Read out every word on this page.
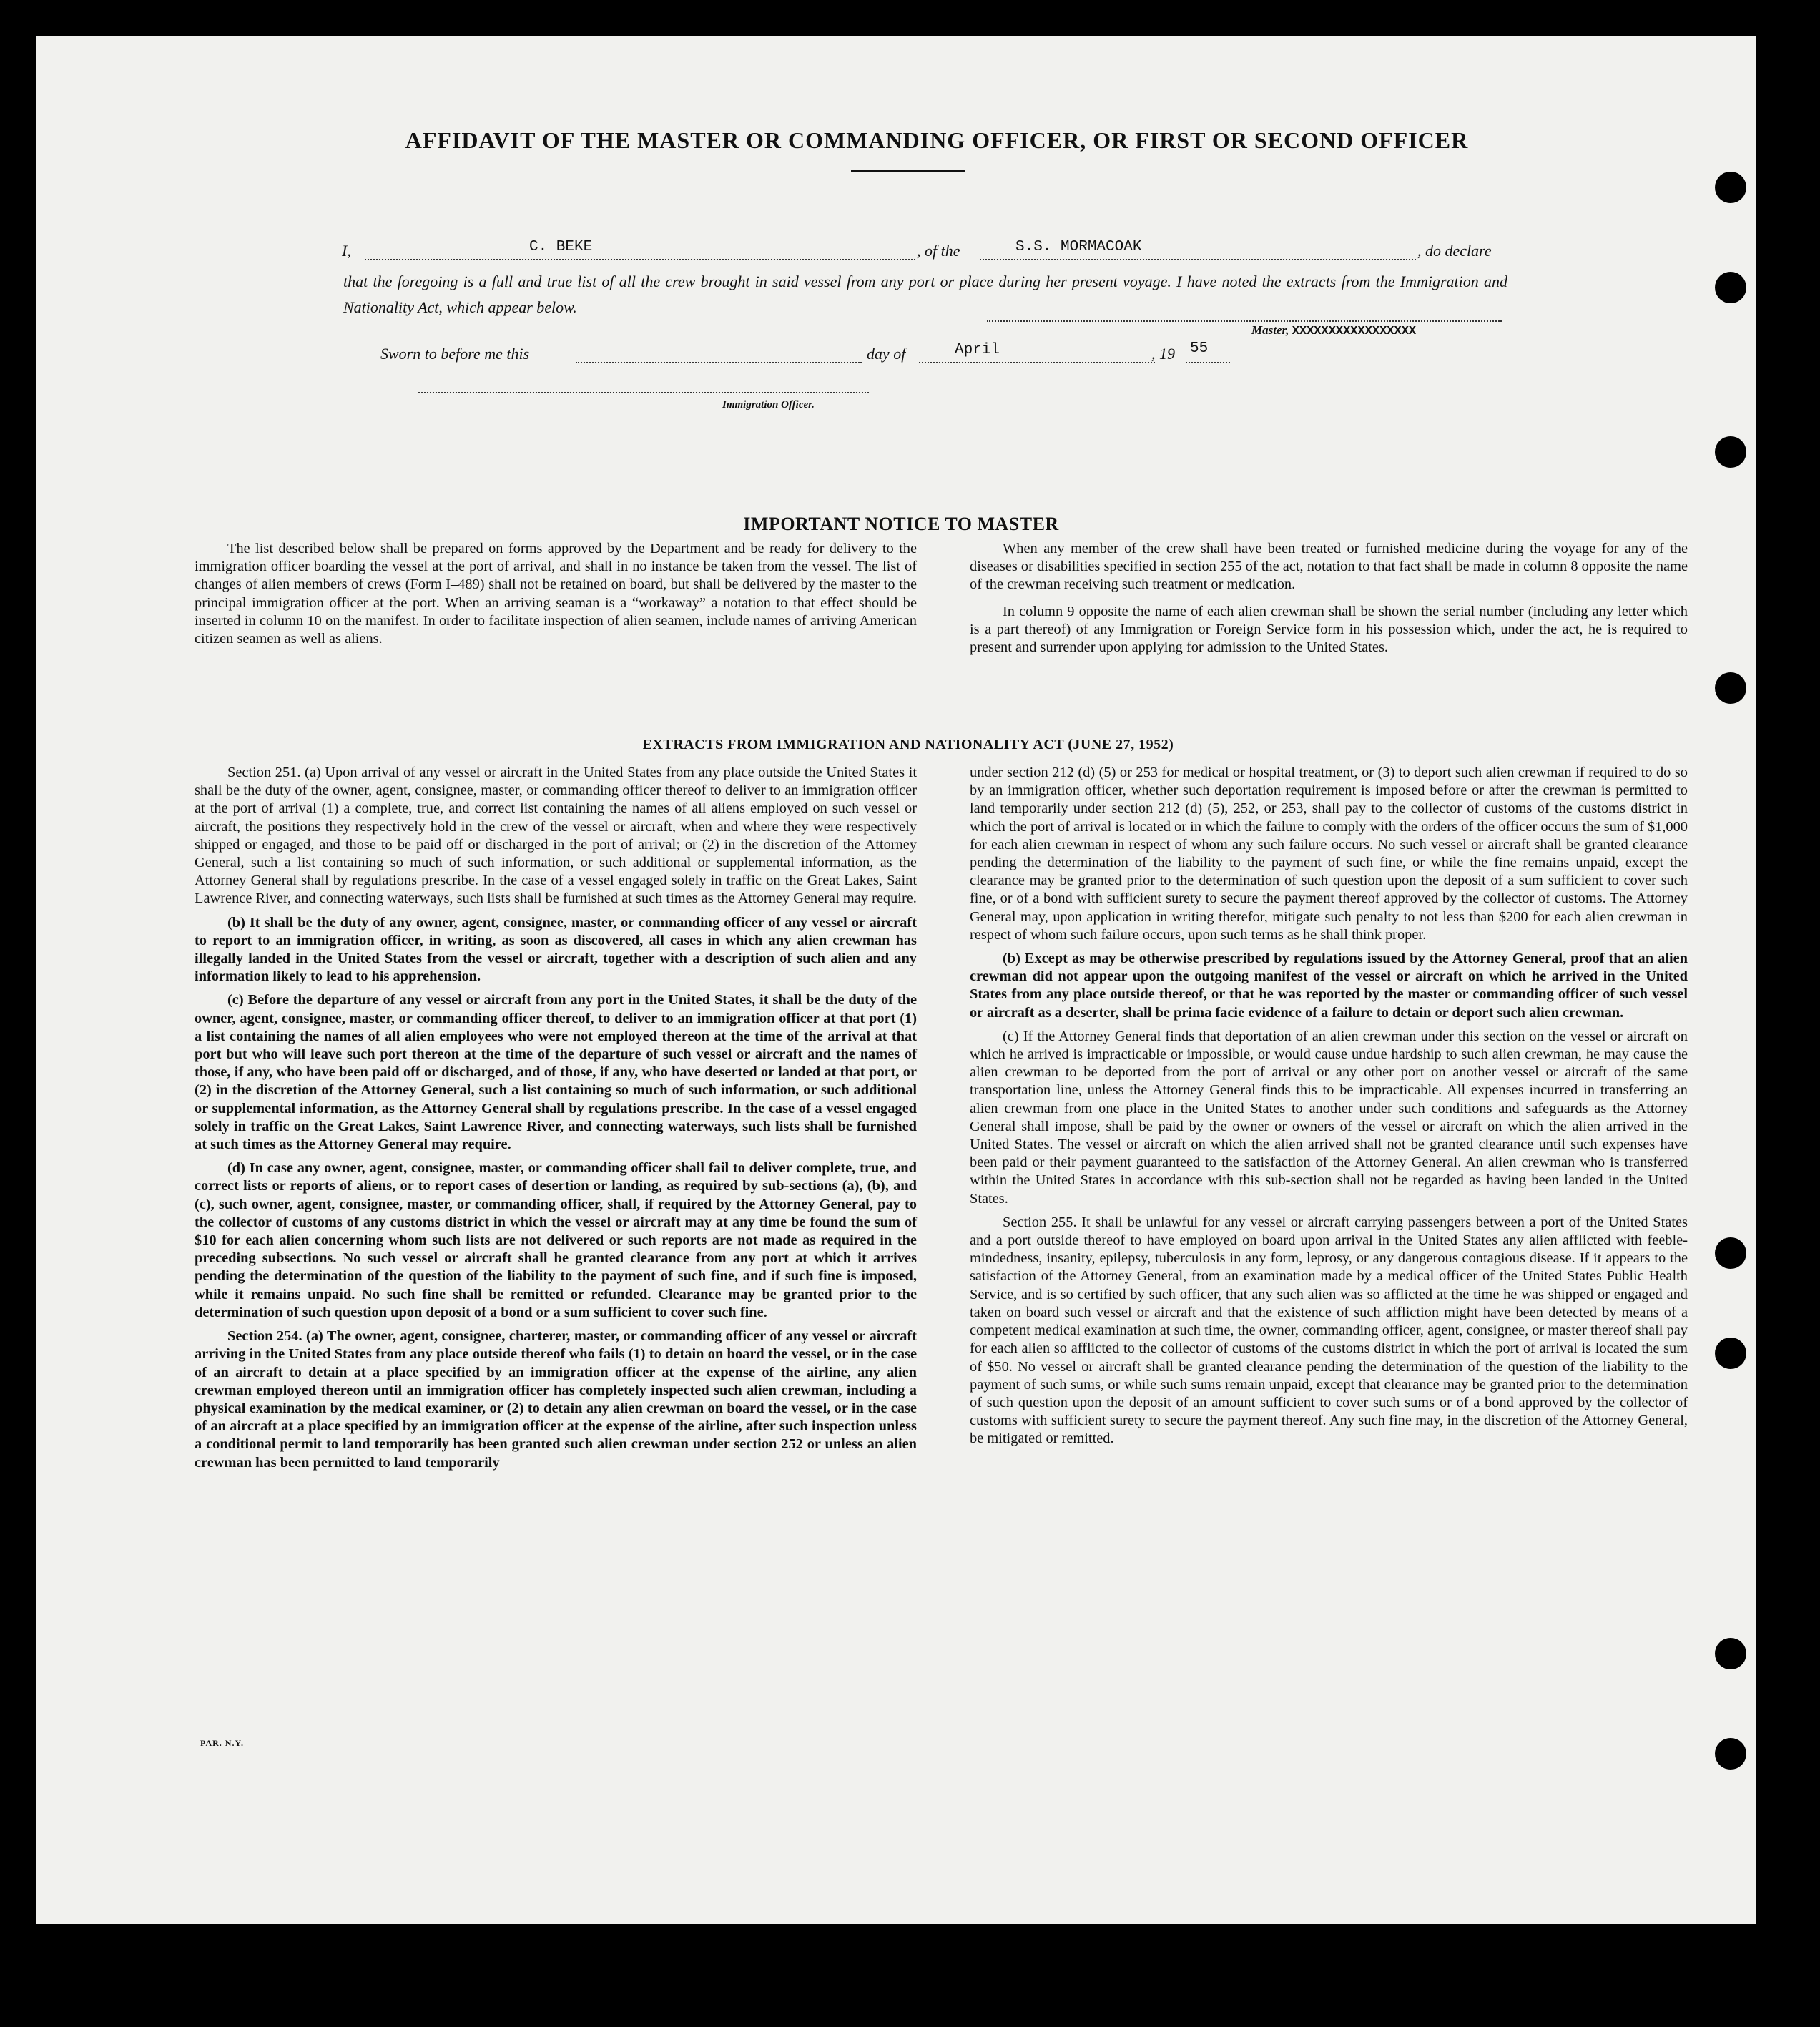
AFFIDAVIT OF THE MASTER OR COMMANDING OFFICER, OR FIRST OR SECOND OFFICER
I,	C. BEKE	, of the	S.S. MORMACOAK	, do declare
that the foregoing is a full and true list of all the crew brought in said vessel from any port or place during her present voyage. I have noted the extracts from the Immigration and Nationality Act, which appear below.
Master, XXXXXXXXXXXXXXXXX
Sworn to before me this	day of	April	, 19 55
Immigration Officer.
IMPORTANT NOTICE TO MASTER

The list described below shall be prepared on forms approved by the Department and be ready for delivery to the immigration officer boarding the vessel at the port of arrival, and shall in no instance be taken from the vessel. The list of changes of alien members of crews (Form I–489) shall not be retained on board, but shall be delivered by the master to the principal immigration officer at the port. When an arriving seaman is a “workaway” a notation to that effect should be inserted in column 10 on the manifest. In order to facilitate inspection of alien seamen, include names of arriving American citizen seamen as well as aliens.

When any member of the crew shall have been treated or furnished medicine during the voyage for any of the diseases or disabilities specified in section 255 of the act, notation to that fact shall be made in column 8 opposite the name of the crewman receiving such treatment or medication.

In column 9 opposite the name of each alien crewman shall be shown the serial number (including any letter which is a part thereof) of any Immigration or Foreign Service form in his possession which, under the act, he is required to present and surrender upon applying for admission to the United States.

EXTRACTS FROM IMMIGRATION AND NATIONALITY ACT (JUNE 27, 1952)

Section 251. (a) Upon arrival of any vessel or aircraft in the United States from any place outside the United States it shall be the duty of the owner, agent, consignee, master, or commanding officer thereof to deliver to an immigration officer at the port of arrival (1) a complete, true, and correct list containing the names of all aliens employed on such vessel or aircraft, the positions they respectively hold in the crew of the vessel or aircraft, when and where they were respectively shipped or engaged, and those to be paid off or discharged in the port of arrival; or (2) in the discretion of the Attorney General, such a list containing so much of such information, or such additional or supplemental information, as the Attorney General shall by regulations prescribe. In the case of a vessel engaged solely in traffic on the Great Lakes, Saint Lawrence River, and connecting waterways, such lists shall be furnished at such times as the Attorney General may require.

(b) It shall be the duty of any owner, agent, consignee, master, or commanding officer of any vessel or aircraft to report to an immigration officer, in writing, as soon as discovered, all cases in which any alien crewman has illegally landed in the United States from the vessel or aircraft, together with a description of such alien and any information likely to lead to his apprehension.

(c) Before the departure of any vessel or aircraft from any port in the United States, it shall be the duty of the owner, agent, consignee, master, or commanding officer thereof, to deliver to an immigration officer at that port (1) a list containing the names of all alien employees who were not employed thereon at the time of the arrival at that port but who will leave such port thereon at the time of the departure of such vessel or aircraft and the names of those, if any, who have been paid off or discharged, and of those, if any, who have deserted or landed at that port, or (2) in the discretion of the Attorney General, such a list containing so much of such information, or such additional or supplemental information, as the Attorney General shall by regulations prescribe. In the case of a vessel engaged solely in traffic on the Great Lakes, Saint Lawrence River, and connecting waterways, such lists shall be furnished at such times as the Attorney General may require.

(d) In case any owner, agent, consignee, master, or commanding officer shall fail to deliver complete, true, and correct lists or reports of aliens, or to report cases of desertion or landing, as required by sub-sections (a), (b), and (c), such owner, agent, consignee, master, or commanding officer, shall, if required by the Attorney General, pay to the collector of customs of any customs district in which the vessel or aircraft may at any time be found the sum of $10 for each alien concerning whom such lists are not delivered or such reports are not made as required in the preceding subsections. No such vessel or aircraft shall be granted clearance from any port at which it arrives pending the determination of the question of the liability to the payment of such fine, and if such fine is imposed, while it remains unpaid. No such fine shall be remitted or refunded. Clearance may be granted prior to the determination of such question upon deposit of a bond or a sum sufficient to cover such fine.

Section 254. (a) The owner, agent, consignee, charterer, master, or commanding officer of any vessel or aircraft arriving in the United States from any place outside thereof who fails (1) to detain on board the vessel, or in the case of an aircraft to detain at a place specified by an immigration officer at the expense of the airline, any alien crewman employed thereon until an immigration officer has completely inspected such alien crewman, including a physical examination by the medical examiner, or (2) to detain any alien crewman on board the vessel, or in the case of an aircraft at a place specified by an immigration officer at the expense of the airline, after such inspection unless a conditional permit to land temporarily has been granted such alien crewman under section 252 or unless an alien crewman has been permitted to land temporarily

under section 212 (d) (5) or 253 for medical or hospital treatment, or (3) to deport such alien crewman if required to do so by an immigration officer, whether such deportation requirement is imposed before or after the crewman is permitted to land temporarily under section 212 (d) (5), 252, or 253, shall pay to the collector of customs of the customs district in which the port of arrival is located or in which the failure to comply with the orders of the officer occurs the sum of $1,000 for each alien crewman in respect of whom any such failure occurs. No such vessel or aircraft shall be granted clearance pending the determination of the liability to the payment of such fine, or while the fine remains unpaid, except the clearance may be granted prior to the determination of such question upon the deposit of a sum sufficient to cover such fine, or of a bond with sufficient surety to secure the payment thereof approved by the collector of customs. The Attorney General may, upon application in writing therefor, mitigate such penalty to not less than $200 for each alien crewman in respect of whom such failure occurs, upon such terms as he shall think proper.

(b) Except as may be otherwise prescribed by regulations issued by the Attorney General, proof that an alien crewman did not appear upon the outgoing manifest of the vessel or aircraft on which he arrived in the United States from any place outside thereof, or that he was reported by the master or commanding officer of such vessel or aircraft as a deserter, shall be prima facie evidence of a failure to detain or deport such alien crewman.

(c) If the Attorney General finds that deportation of an alien crewman under this section on the vessel or aircraft on which he arrived is impracticable or impossible, or would cause undue hardship to such alien crewman, he may cause the alien crewman to be deported from the port of arrival or any other port on another vessel or aircraft of the same transportation line, unless the Attorney General finds this to be impracticable. All expenses incurred in transferring an alien crewman from one place in the United States to another under such conditions and safeguards as the Attorney General shall impose, shall be paid by the owner or owners of the vessel or aircraft on which the alien arrived in the United States. The vessel or aircraft on which the alien arrived shall not be granted clearance until such expenses have been paid or their payment guaranteed to the satisfaction of the Attorney General. An alien crewman who is transferred within the United States in accordance with this sub-section shall not be regarded as having been landed in the United States.

Section 255. It shall be unlawful for any vessel or aircraft carrying passengers between a port of the United States and a port outside thereof to have employed on board upon arrival in the United States any alien afflicted with feeble-mindedness, insanity, epilepsy, tuberculosis in any form, leprosy, or any dangerous contagious disease. If it appears to the satisfaction of the Attorney General, from an examination made by a medical officer of the United States Public Health Service, and is so certified by such officer, that any such alien was so afflicted at the time he was shipped or engaged and taken on board such vessel or aircraft and that the existence of such affliction might have been detected by means of a competent medical examination at such time, the owner, commanding officer, agent, consignee, or master thereof shall pay for each alien so afflicted to the collector of customs of the customs district in which the port of arrival is located the sum of $50. No vessel or aircraft shall be granted clearance pending the determination of the question of the liability to the payment of such sums, or while such sums remain unpaid, except that clearance may be granted prior to the determination of such question upon the deposit of an amount sufficient to cover such sums or of a bond approved by the collector of customs with sufficient surety to secure the payment thereof. Any such fine may, in the discretion of the Attorney General, be mitigated or remitted.

PAR. N.Y.
